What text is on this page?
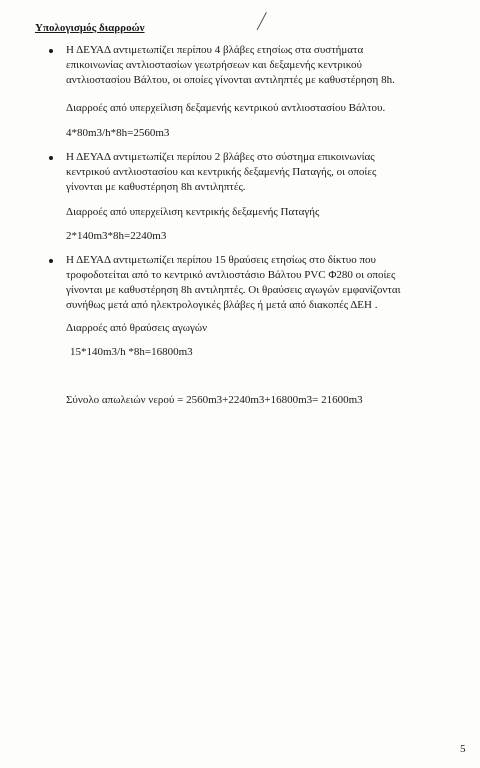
Υπολογισμός διαρροών
Η ΔΕΥΑΔ αντιμετωπίζει περίπου 4 βλάβες ετησίως στα συστήματα
επικοινωνίας αντλιοστασίων γεωτρήσεων και δεξαμενής κεντρικού
αντλιοστασίου Βάλτου, οι οποίες γίνονται αντιληπτές με καθυστέρηση 8h.
Διαρροές από υπερχείλιση δεξαμενής κεντρικού αντλιοστασίου Βάλτου.
4*80m3/h*8h=2560m3
Η ΔΕΥΑΔ αντιμετωπίζει περίπου 2 βλάβες στο σύστημα επικοινωνίας
κεντρικού αντλιοστασίου και κεντρικής δεξαμενής Παταγής, οι οποίες
γίνονται με καθυστέρηση 8h αντιληπτές.
Διαρροές από υπερχείλιση κεντρικής δεξαμενής Παταγής
2*140m3*8h=2240m3
Η ΔΕΥΑΔ αντιμετωπίζει περίπου 15 θραύσεις ετησίως στο δίκτυο που
τροφοδοτείται από το κεντρικό αντλιοστάσιο Βάλτου PVC Φ280 οι οποίες
γίνονται με καθυστέρηση 8h αντιληπτές. Οι θραύσεις αγωγών εμφανίζονται
συνήθως μετά από ηλεκτρολογικές βλάβες ή μετά από διακοπές ΔΕΗ .
Διαρροές από θραύσεις αγωγών
15*140m3/h *8h=16800m3
Σύνολο απωλειών νερού = 2560m3+2240m3+16800m3= 21600m3
5
